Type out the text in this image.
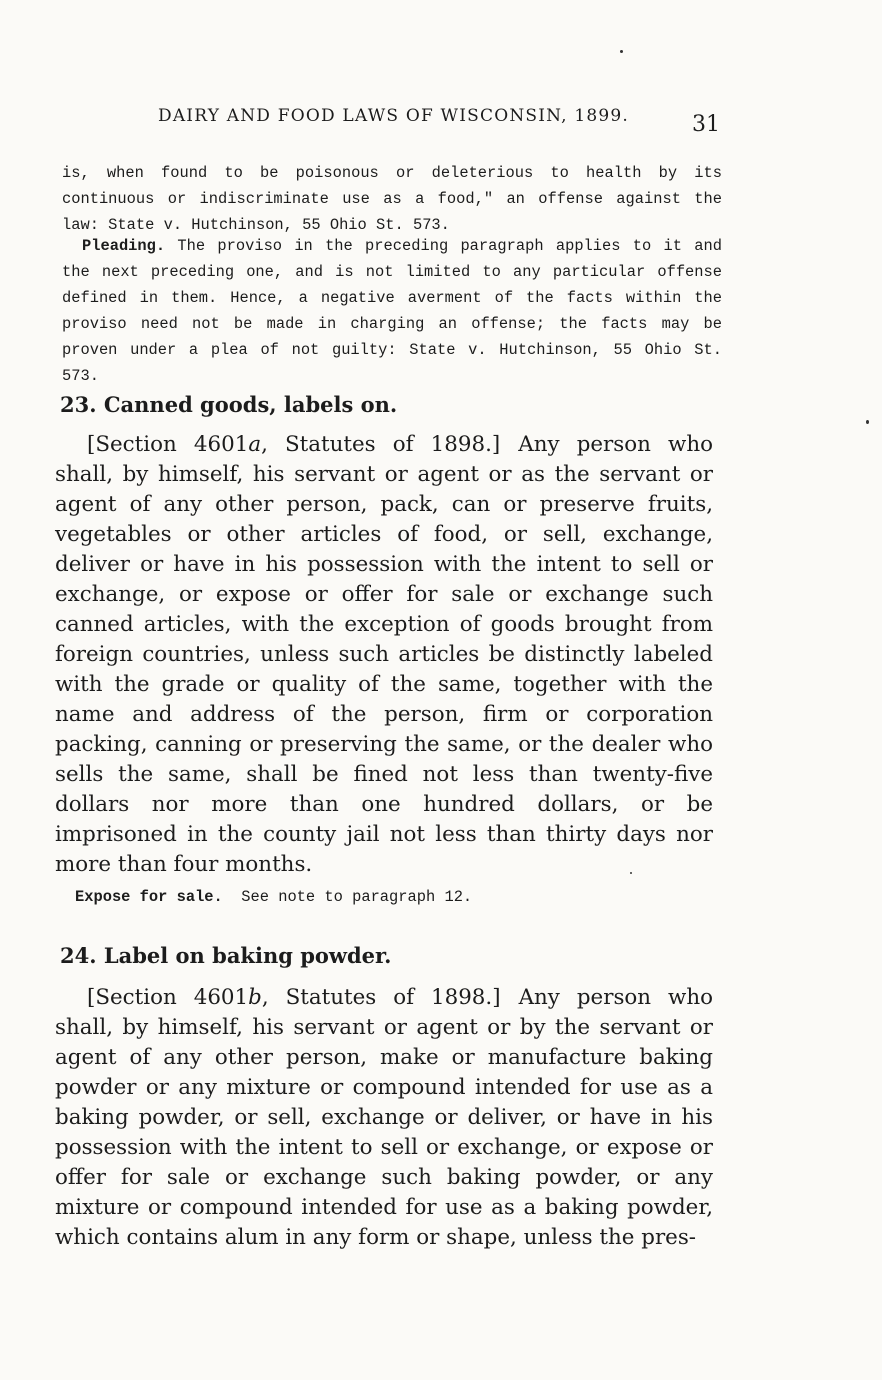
DAIRY AND FOOD LAWS OF WISCONSIN, 1899.	31

is, when found to be poisonous or deleterious to health by its continuous or indiscriminate use as a food," an offense against the law: State v. Hutchinson, 55 Ohio St. 573.

Pleading. The proviso in the preceding paragraph applies to it and the next preceding one, and is not limited to any particular offense defined in them. Hence, a negative averment of the facts within the proviso need not be made in charging an offense; the facts may be proven under a plea of not guilty: State v. Hutchinson, 55 Ohio St. 573.

23. Canned goods, labels on.

[Section 4601a, Statutes of 1898.] Any person who shall, by himself, his servant or agent or as the servant or agent of any other person, pack, can or preserve fruits, vegetables or other articles of food, or sell, exchange, deliver or have in his possession with the intent to sell or exchange, or expose or offer for sale or exchange such canned articles, with the exception of goods brought from foreign countries, unless such articles be distinctly labeled with the grade or quality of the same, together with the name and address of the person, firm or corporation packing, canning or preserving the same, or the dealer who sells the same, shall be fined not less than twenty-five dollars nor more than one hundred dollars, or be imprisoned in the county jail not less than thirty days nor more than four months.

Expose for sale. See note to paragraph 12.

24. Label on baking powder.

[Section 4601b, Statutes of 1898.] Any person who shall, by himself, his servant or agent or by the servant or agent of any other person, make or manufacture baking powder or any mixture or compound intended for use as a baking powder, or sell, exchange or deliver, or have in his possession with the intent to sell or exchange, or expose or offer for sale or exchange such baking powder, or any mixture or compound intended for use as a baking powder, which contains alum in any form or shape, unless the pres-
